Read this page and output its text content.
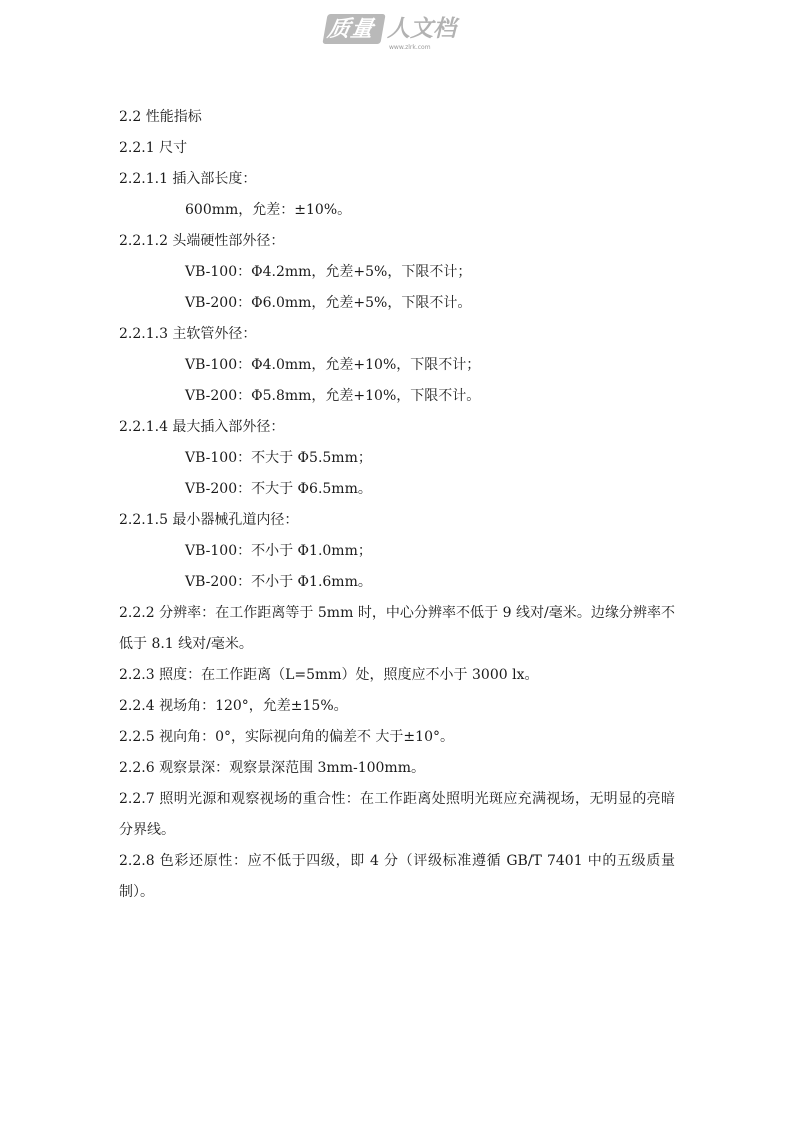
质量 人文档
www.zlrk.com
2.2 性能指标
2.2.1 尺寸
2.2.1.1 插入部长度：
600mm，允差：±10%。
2.2.1.2 头端硬性部外径：
VB-100：Φ4.2mm，允差+5%，下限不计；
VB-200：Φ6.0mm，允差+5%，下限不计。
2.2.1.3 主软管外径：
VB-100：Φ4.0mm，允差+10%，下限不计；
VB-200：Φ5.8mm，允差+10%，下限不计。
2.2.1.4 最大插入部外径：
VB-100：不大于 Φ5.5mm；
VB-200：不大于 Φ6.5mm。
2.2.1.5 最小器械孔道内径：
VB-100：不小于 Φ1.0mm；
VB-200：不小于 Φ1.6mm。
2.2.2 分辨率：在工作距离等于 5mm 时，中心分辨率不低于 9 线对/毫米。边缘分辨率不低于 8.1 线对/毫米。
2.2.3 照度：在工作距离（L=5mm）处，照度应不小于 3000 lx。
2.2.4 视场角：120°，允差±15%。
2.2.5 视向角：0°，实际视向角的偏差不 大于±10°。
2.2.6 观察景深：观察景深范围 3mm-100mm。
2.2.7 照明光源和观察视场的重合性：在工作距离处照明光斑应充满视场，无明显的亮暗分界线。
2.2.8 色彩还原性：应不低于四级，即 4 分（评级标准遵循 GB/T 7401 中的五级质量制）。
